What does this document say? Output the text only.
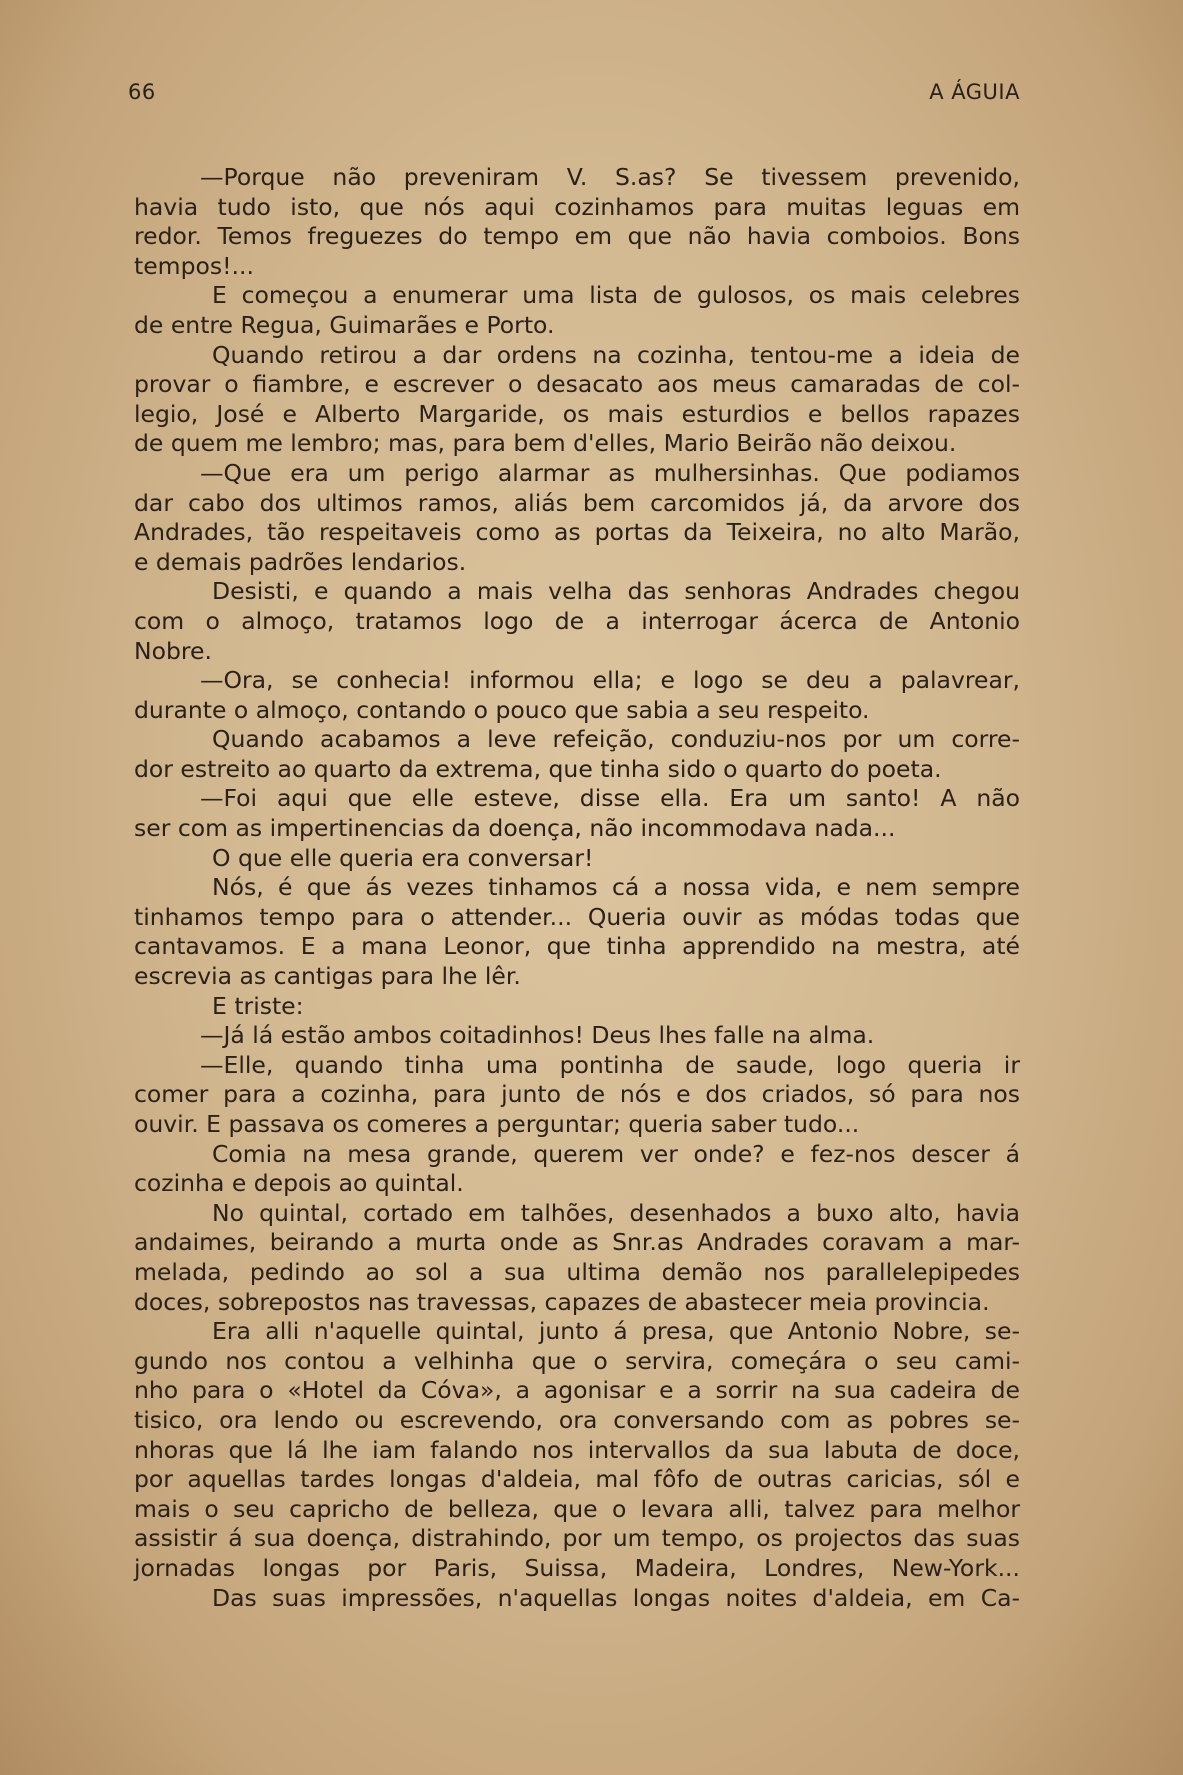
66	A ÁGUIA
—Porque não preveniram V. S.as? Se tivessem prevenido,
havia tudo isto, que nós aqui cozinhamos para muitas leguas em
redor. Temos freguezes do tempo em que não havia comboios. Bons
tempos!...
E começou a enumerar uma lista de gulosos, os mais celebres
de entre Regua, Guimarães e Porto.
Quando retirou a dar ordens na cozinha, tentou-me a ideia de
provar o fiambre, e escrever o desacato aos meus camaradas de col-
legio, José e Alberto Margaride, os mais esturdios e bellos rapazes
de quem me lembro; mas, para bem d'elles, Mario Beirão não deixou.
—Que era um perigo alarmar as mulhersinhas. Que podiamos
dar cabo dos ultimos ramos, aliás bem carcomidos já, da arvore dos
Andrades, tão respeitaveis como as portas da Teixeira, no alto Marão,
e demais padrões lendarios.
Desisti, e quando a mais velha das senhoras Andrades chegou
com o almoço, tratamos logo de a interrogar ácerca de Antonio
Nobre.
—Ora, se conhecia! informou ella; e logo se deu a palavrear,
durante o almoço, contando o pouco que sabia a seu respeito.
Quando acabamos a leve refeição, conduziu-nos por um corre-
dor estreito ao quarto da extrema, que tinha sido o quarto do poeta.
—Foi aqui que elle esteve, disse ella. Era um santo! A não
ser com as impertinencias da doença, não incommodava nada...
O que elle queria era conversar!
Nós, é que ás vezes tinhamos cá a nossa vida, e nem sempre
tinhamos tempo para o attender... Queria ouvir as módas todas que
cantavamos. E a mana Leonor, que tinha apprendido na mestra, até
escrevia as cantigas para lhe lêr.
E triste:
—Já lá estão ambos coitadinhos! Deus lhes falle na alma.
—Elle, quando tinha uma pontinha de saude, logo queria ir
comer para a cozinha, para junto de nós e dos criados, só para nos
ouvir. E passava os comeres a perguntar; queria saber tudo...
Comia na mesa grande, querem ver onde? e fez-nos descer á
cozinha e depois ao quintal.
No quintal, cortado em talhões, desenhados a buxo alto, havia
andaimes, beirando a murta onde as Snr.as Andrades coravam a mar-
melada, pedindo ao sol a sua ultima demão nos parallelepipedes
doces, sobrepostos nas travessas, capazes de abastecer meia provincia.
Era alli n'aquelle quintal, junto á presa, que Antonio Nobre, se-
gundo nos contou a velhinha que o servira, começára o seu cami-
nho para o «Hotel da Cóva», a agonisar e a sorrir na sua cadeira de
tisico, ora lendo ou escrevendo, ora conversando com as pobres se-
nhoras que lá lhe iam falando nos intervallos da sua labuta de doce,
por aquellas tardes longas d'aldeia, mal fôfo de outras caricias, sól e
mais o seu capricho de belleza, que o levara alli, talvez para melhor
assistir á sua doença, distrahindo, por um tempo, os projectos das suas
jornadas longas por Paris, Suissa, Madeira, Londres, New-York...
Das suas impressões, n'aquellas longas noites d'aldeia, em Ca-
